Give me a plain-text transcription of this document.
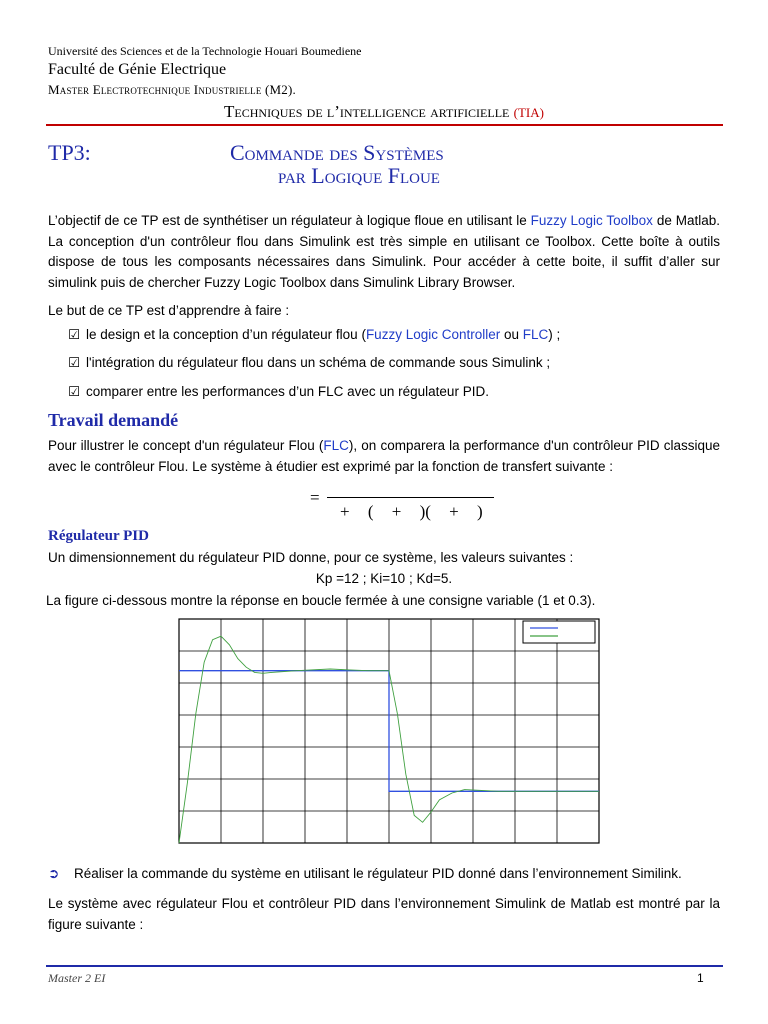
Université des Sciences et de la Technologie Houari Boumediene
Faculté de Génie Electrique
Master Electrotechnique Industrielle (M2).
Techniques de l’intelligence artificielle (TIA)
TP3:	Commande des Systèmes
par Logique Floue
L’objectif de ce TP est de synthétiser un régulateur à logique floue en utilisant le Fuzzy Logic Toolbox de Matlab. La conception d'un contrôleur flou dans Simulink est très simple en utilisant ce Toolbox. Cette boîte à outils dispose de tous les composants nécessaires dans Simulink. Pour accéder à cette boite, il suffit d’aller sur simulink puis de chercher Fuzzy Logic Toolbox dans Simulink Library Browser.
Le but de ce TP est d’apprendre à faire :
☑ le design et la conception d’un régulateur flou (Fuzzy Logic Controller ou FLC) ;
☑ l'intégration du régulateur flou dans un schéma de commande sous Simulink ;
☑ comparer entre les performances d’un FLC avec un régulateur PID.
Travail demandé
Pour illustrer le concept d'un régulateur Flou (FLC), on comparera la performance d'un contrôleur PID classique avec le contrôleur Flou. Le système à étudier est exprimé par la fonction de transfert suivante :
=
+ ( + )( + )
Régulateur PID
Un dimensionnement du régulateur PID donne, pour ce système, les valeurs suivantes :
Kp =12 ; Ki=10 ; Kd=5.
La figure ci-dessous montre la réponse en boucle fermée à une consigne variable (1 et 0.3).
➲ Réaliser la commande du système en utilisant le régulateur PID donné dans l’environnement Similink.
Le système avec régulateur Flou et contrôleur PID dans l’environnement Simulink de Matlab est montré par la figure suivante :
Master 2 EI	1
